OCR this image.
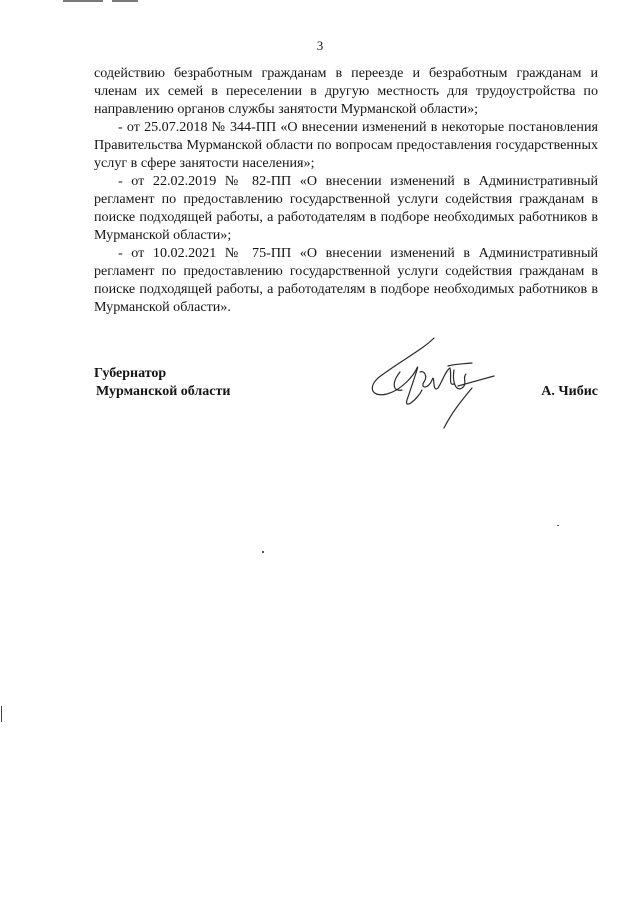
3

содействию безработным гражданам в переезде и безработным гражданам и членам их семей в переселении в другую местность для трудоустройства по направлению органов службы занятости Мурманской области»;

- от 25.07.2018 № 344-ПП «О внесении изменений в некоторые постановления Правительства Мурманской области по вопросам предоставления государственных услуг в сфере занятости населения»;

- от 22.02.2019 № 82-ПП «О внесении изменений в Административный регламент по предоставлению государственной услуги содействия гражданам в поиске подходящей работы, а работодателям в подборе необходимых работников в Мурманской области»;

- от 10.02.2021 № 75-ПП «О внесении изменений в Административный регламент по предоставлению государственной услуги содействия гражданам в поиске подходящей работы, а работодателям в подборе необходимых работников в Мурманской области».

Губернатор
Мурманской области	А. Чибис
